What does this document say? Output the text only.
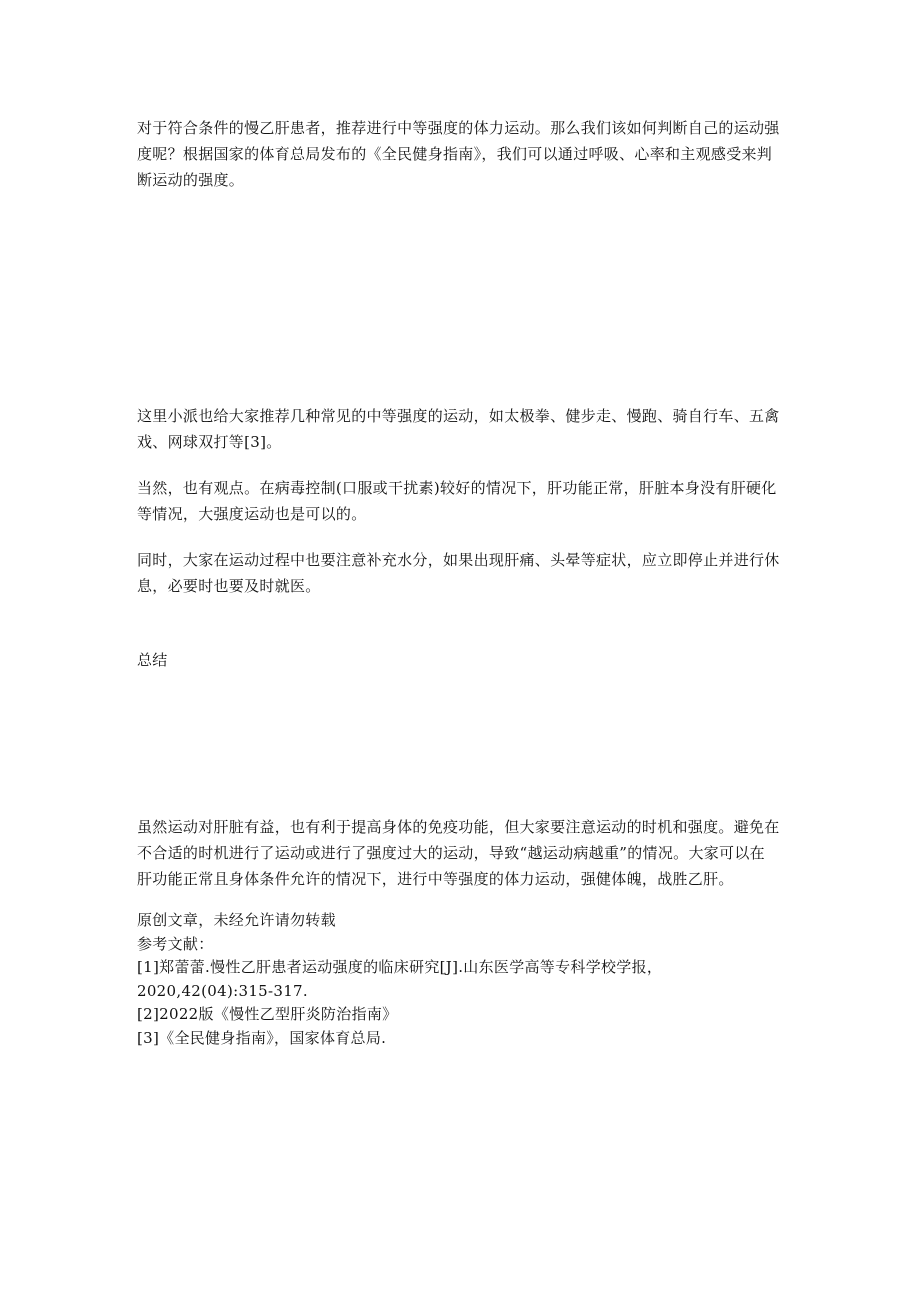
对于符合条件的慢乙肝患者，推荐进行中等强度的体力运动。那么我们该如何判断自己的运动强
度呢？根据国家的体育总局发布的《全民健身指南》，我们可以通过呼吸、心率和主观感受来判
断运动的强度。

这里小派也给大家推荐几种常见的中等强度的运动，如太极拳、健步走、慢跑、骑自行车、五禽
戏、网球双打等[3]。

当然，也有观点。在病毒控制(口服或干扰素)较好的情况下，肝功能正常，肝脏本身没有肝硬化
等情况，大强度运动也是可以的。

同时，大家在运动过程中也要注意补充水分，如果出现肝痛、头晕等症状，应立即停止并进行休
息，必要时也要及时就医。

总结

虽然运动对肝脏有益，也有利于提高身体的免疫功能，但大家要注意运动的时机和强度。避免在
不合适的时机进行了运动或进行了强度过大的运动，导致“越运动病越重”的情况。大家可以在
肝功能正常且身体条件允许的情况下，进行中等强度的体力运动，强健体魄，战胜乙肝。

原创文章，未经允许请勿转载
参考文献：
[1]郑蕾蕾.慢性乙肝患者运动强度的临床研究[J].山东医学高等专科学校学报，
2020,42(04):315-317.
[2]2022版《慢性乙型肝炎防治指南》
[3]《全民健身指南》，国家体育总局.
